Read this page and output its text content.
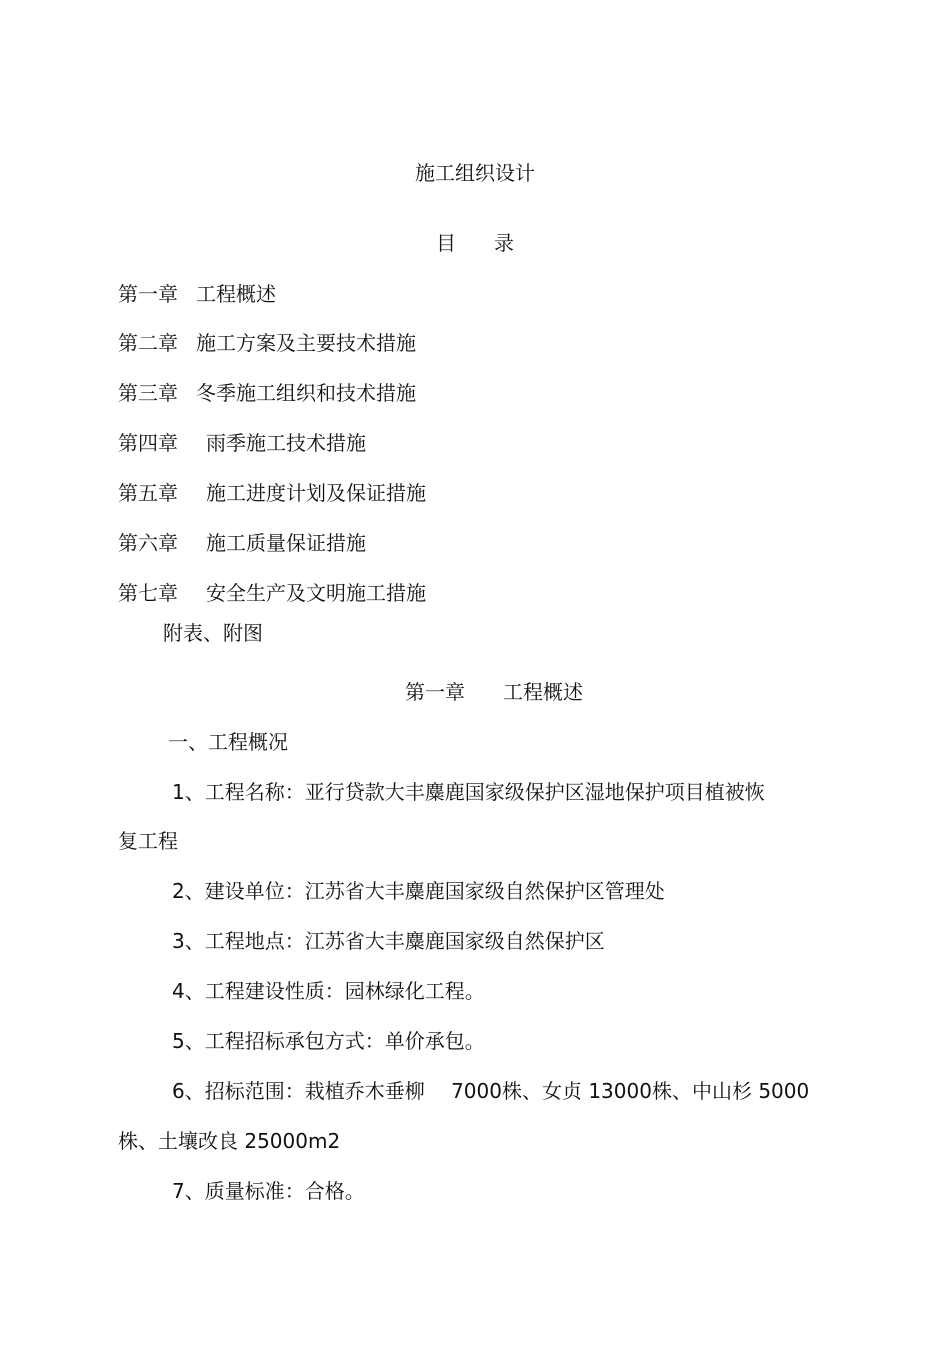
施工组织设计
目 录
第一章 工程概述
第二章 施工方案及主要技术措施
第三章 冬季施工组织和技术措施
第四章 雨季施工技术措施
第五章 施工进度计划及保证措施
第六章 施工质量保证措施
第七章 安全生产及文明施工措施
附表、附图
第一章 工程概述
一、工程概况
1、工程名称：亚行贷款大丰麋鹿国家级保护区湿地保护项目植被恢
复工程
2、建设单位：江苏省大丰麋鹿国家级自然保护区管理处
3、工程地点：江苏省大丰麋鹿国家级自然保护区
4、工程建设性质：园林绿化工程。
5、工程招标承包方式：单价承包。
6、招标范围：栽植乔木垂柳　 7000株、女贞 13000株、中山杉 5000
株、土壤改良 25000m2
7、质量标准：合格。
